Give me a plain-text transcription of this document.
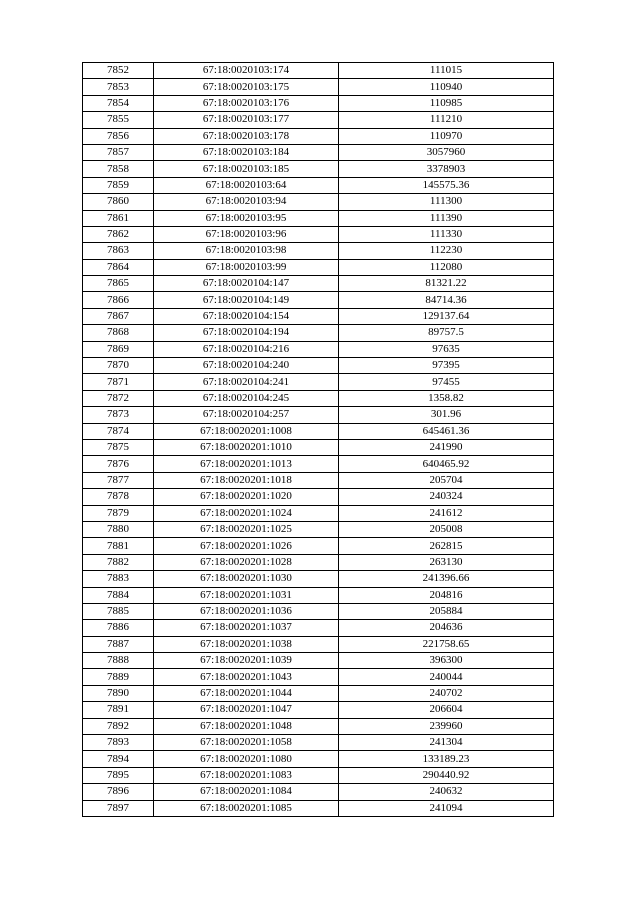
7852	67:18:0020103:174	111015
7853	67:18:0020103:175	110940
7854	67:18:0020103:176	110985
7855	67:18:0020103:177	111210
7856	67:18:0020103:178	110970
7857	67:18:0020103:184	3057960
7858	67:18:0020103:185	3378903
7859	67:18:0020103:64	145575.36
7860	67:18:0020103:94	111300
7861	67:18:0020103:95	111390
7862	67:18:0020103:96	111330
7863	67:18:0020103:98	112230
7864	67:18:0020103:99	112080
7865	67:18:0020104:147	81321.22
7866	67:18:0020104:149	84714.36
7867	67:18:0020104:154	129137.64
7868	67:18:0020104:194	89757.5
7869	67:18:0020104:216	97635
7870	67:18:0020104:240	97395
7871	67:18:0020104:241	97455
7872	67:18:0020104:245	1358.82
7873	67:18:0020104:257	301.96
7874	67:18:0020201:1008	645461.36
7875	67:18:0020201:1010	241990
7876	67:18:0020201:1013	640465.92
7877	67:18:0020201:1018	205704
7878	67:18:0020201:1020	240324
7879	67:18:0020201:1024	241612
7880	67:18:0020201:1025	205008
7881	67:18:0020201:1026	262815
7882	67:18:0020201:1028	263130
7883	67:18:0020201:1030	241396.66
7884	67:18:0020201:1031	204816
7885	67:18:0020201:1036	205884
7886	67:18:0020201:1037	204636
7887	67:18:0020201:1038	221758.65
7888	67:18:0020201:1039	396300
7889	67:18:0020201:1043	240044
7890	67:18:0020201:1044	240702
7891	67:18:0020201:1047	206604
7892	67:18:0020201:1048	239960
7893	67:18:0020201:1058	241304
7894	67:18:0020201:1080	133189.23
7895	67:18:0020201:1083	290440.92
7896	67:18:0020201:1084	240632
7897	67:18:0020201:1085	241094
